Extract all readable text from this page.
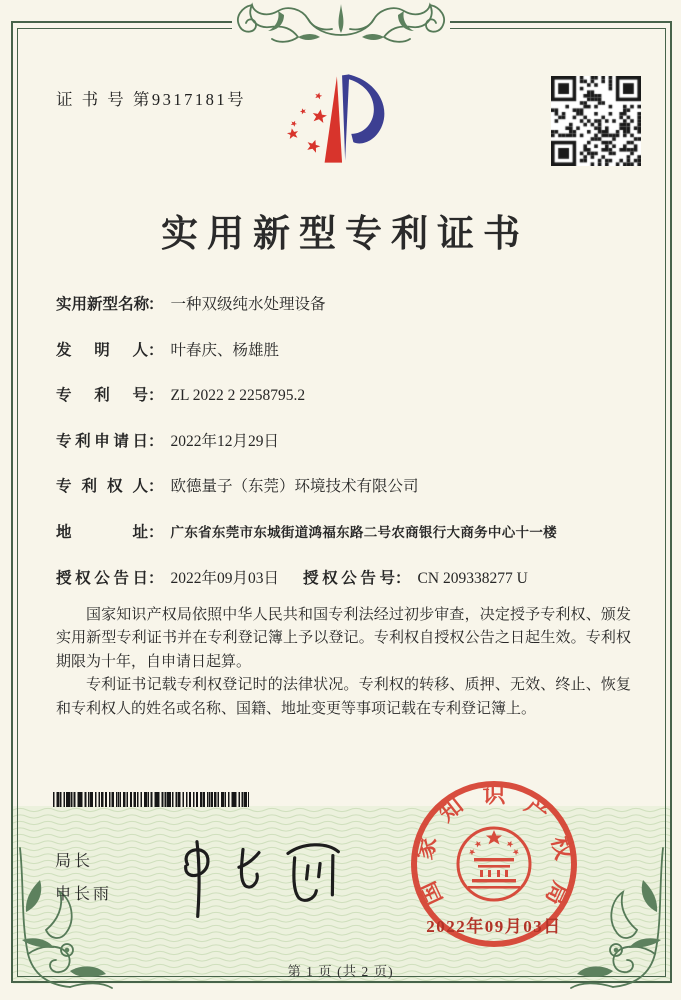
证 书 号 第9317181号
实用新型专利证书
实 用 新 型 名 称
： 一种双级纯水处理设备
发 明 人 ： 叶春庆、杨雄胜
专 利 号 ： ZL 2022 2 2258795.2
专 利 申 请 日 ： 2022年12月29日
专 利 权 人 ： 欧德量子（东莞）环境技术有限公司
地	址 ： 广东省东莞市东城街道鸿福东路二号农商银行大商务中心十一楼
授 权 公 告 日 ： 2022年09月03日 授 权 公 告 号 ： CN 209338277 U

国家知识产权局依照中华人民共和国专利法经过初步审查，决定授予专利权、颁发实用新型专利证书并在专利登记簿上予以登记。专利权自授权公告之日起生效。专利权期限为十年，自申请日起算。

专利证书记载专利权登记时的法律状况。专利权的转移、质押、无效、终止、恢复和专利权人的姓名或名称、国籍、地址变更等事项记载在专利登记簿上。

局长
申长雨	国
家
知 识 产
权
局
2022年09月03日
第 1 页 (共 2 页)
